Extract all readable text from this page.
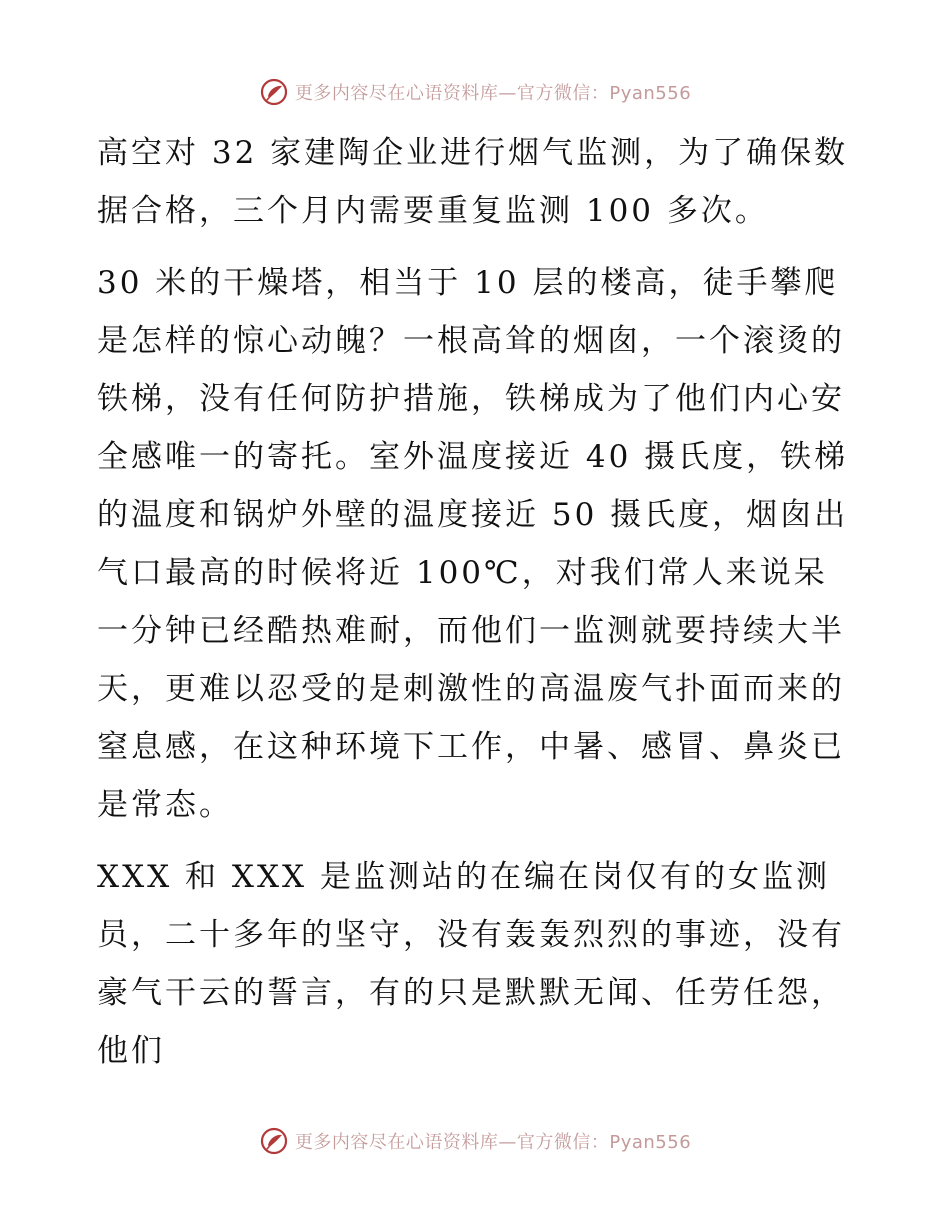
更多内容尽在心语资料库—官方微信：Pyan556

高空对 32 家建陶企业进行烟气监测，为了确保数据合格，三个月内需要重复监测 100 多次。

30 米的干燥塔，相当于 10 层的楼高，徒手攀爬是怎样的惊心动魄？一根高耸的烟囱，一个滚烫的铁梯，没有任何防护措施，铁梯成为了他们内心安全感唯一的寄托。室外温度接近 40 摄氏度，铁梯的温度和锅炉外壁的温度接近 50 摄氏度，烟囱出气口最高的时候将近 100℃，对我们常人来说呆一分钟已经酷热难耐，而他们一监测就要持续大半天，更难以忍受的是刺激性的高温废气扑面而来的窒息感，在这种环境下工作，中暑、感冒、鼻炎已是常态。

XXX 和 XXX 是监测站的在编在岗仅有的女监测员，二十多年的坚守，没有轰轰烈烈的事迹，没有豪气干云的誓言，有的只是默默无闻、任劳任怨，他们

更多内容尽在心语资料库—官方微信：Pyan556
